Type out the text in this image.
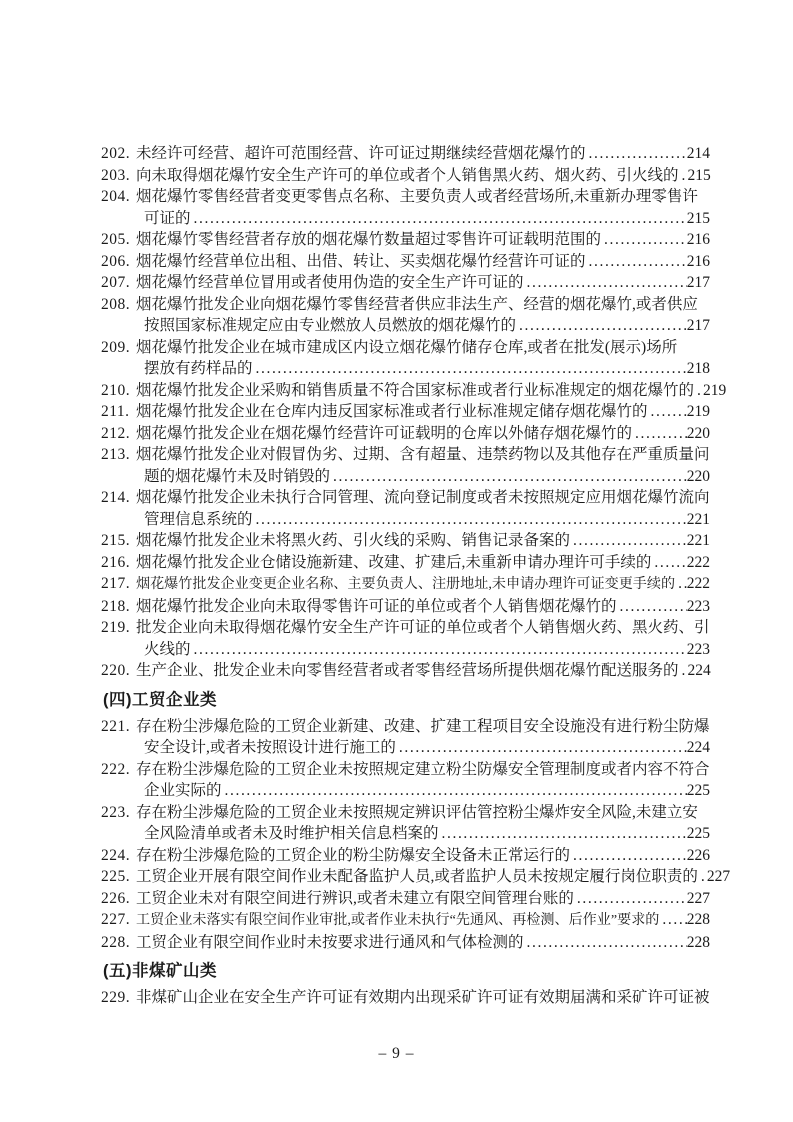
202. 未经许可经营、超许可范围经营、许可证过期继续经营烟花爆竹的 .....	214
203. 向未取得烟花爆竹安全生产许可的单位或者个人销售黑火药、烟火药、引火线的 ..... 215
204. 烟花爆竹零售经营者变更零售点名称、主要负责人或者经营场所,未重新办理零售许
可证的 .....	215
205. 烟花爆竹零售经营者存放的烟花爆竹数量超过零售许可证载明范围的 .....	216
206. 烟花爆竹经营单位出租、出借、转让、买卖烟花爆竹经营许可证的 .....	216
207. 烟花爆竹经营单位冒用或者使用伪造的安全生产许可证的 .....	217
208. 烟花爆竹批发企业向烟花爆竹零售经营者供应非法生产、经营的烟花爆竹,或者供应
按照国家标准规定应由专业燃放人员燃放的烟花爆竹的 .....	217
209. 烟花爆竹批发企业在城市建成区内设立烟花爆竹储存仓库,或者在批发(展示)场所
摆放有药样品的 .....	218
210. 烟花爆竹批发企业采购和销售质量不符合国家标准或者行业标准规定的烟花爆竹的 ..... 219
211. 烟花爆竹批发企业在仓库内违反国家标准或者行业标准规定储存烟花爆竹的 .....	219
212. 烟花爆竹批发企业在烟花爆竹经营许可证载明的仓库以外储存烟花爆竹的 .....	220
213. 烟花爆竹批发企业对假冒伪劣、过期、含有超量、违禁药物以及其他存在严重质量问
题的烟花爆竹未及时销毁的 .....	220
214. 烟花爆竹批发企业未执行合同管理、流向登记制度或者未按照规定应用烟花爆竹流向
管理信息系统的 .....	221
215. 烟花爆竹批发企业未将黑火药、引火线的采购、销售记录备案的 .....	221
216. 烟花爆竹批发企业仓储设施新建、改建、扩建后,未重新申请办理许可手续的 ..... 222
217. 烟花爆竹批发企业变更企业名称、主要负责人、注册地址,未申请办理许可证变更手续的 ..... 222
218. 烟花爆竹批发企业向未取得零售许可证的单位或者个人销售烟花爆竹的 .....	223
219. 批发企业向未取得烟花爆竹安全生产许可证的单位或者个人销售烟火药、黑火药、引
火线的 .....	223
220. 生产企业、批发企业未向零售经营者或者零售经营场所提供烟花爆竹配送服务的 ..... 224
(四)工贸企业类
221. 存在粉尘涉爆危险的工贸企业新建、改建、扩建工程项目安全设施没有进行粉尘防爆
安全设计,或者未按照设计进行施工的 .....	224
222. 存在粉尘涉爆危险的工贸企业未按照规定建立粉尘防爆安全管理制度或者内容不符合
企业实际的 .....	225
223. 存在粉尘涉爆危险的工贸企业未按照规定辨识评估管控粉尘爆炸安全风险,未建立安
全风险清单或者未及时维护相关信息档案的 .....	225
224. 存在粉尘涉爆危险的工贸企业的粉尘防爆安全设备未正常运行的 .....	226
225. 工贸企业开展有限空间作业未配备监护人员,或者监护人员未按规定履行岗位职责的 ..... 227
226. 工贸企业未对有限空间进行辨识,或者未建立有限空间管理台账的 .....	227
227. 工贸企业未落实有限空间作业审批,或者作业未执行“先通风、再检测、后作业”要求的 ..... 228
228. 工贸企业有限空间作业时未按要求进行通风和气体检测的 .....	228
(五)非煤矿山类
229. 非煤矿山企业在安全生产许可证有效期内出现采矿许可证有效期届满和采矿许可证被
– 9 –
